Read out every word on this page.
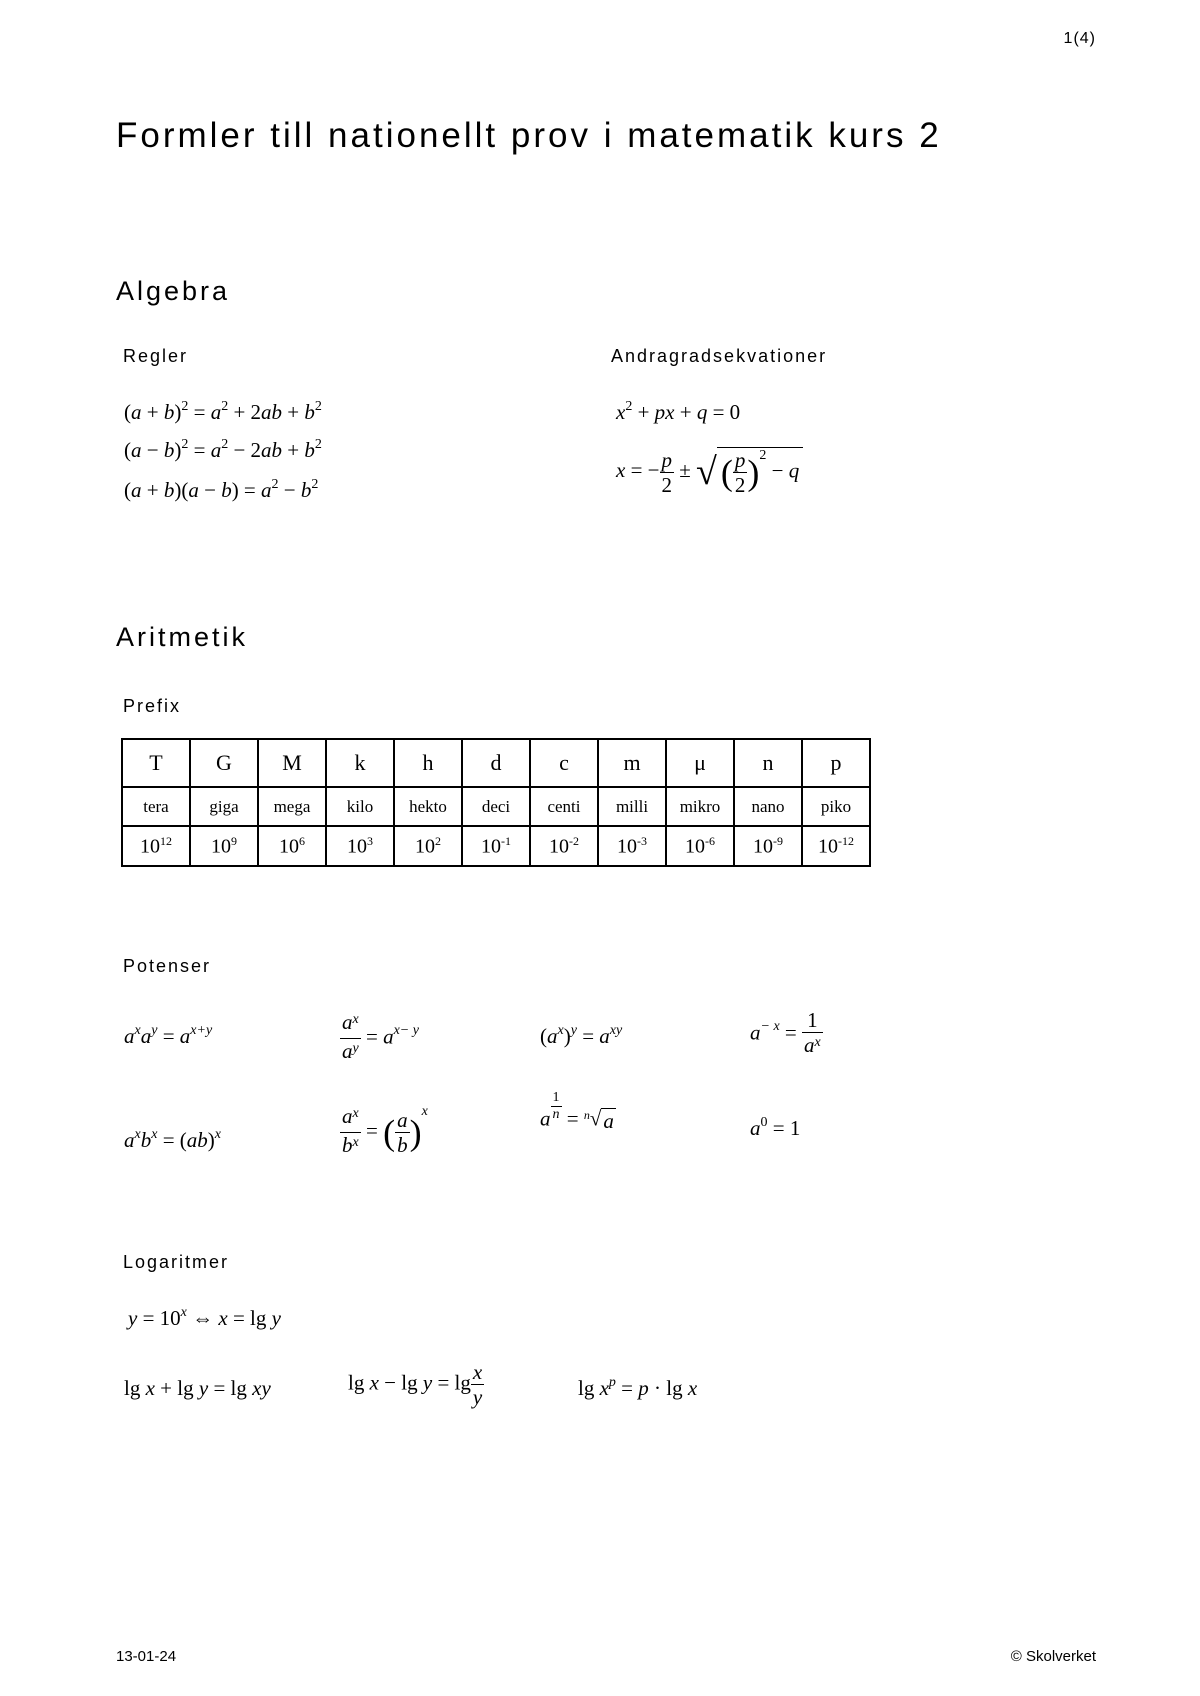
1(4)
Formler till nationellt prov i matematik kurs 2
Algebra
Regler	Andragradsekvationer
$(a + b)^2 = a^2 + 2ab + b^2$
$(a - b)^2 = a^2 - 2ab + b^2$
$(a + b)(a - b) = a^2 - b^2$
$x^2$ + px + q = 0
x = − $\frac{p}{2}$ ± √ ( $\frac{p}{2} )^2 - q$
Aritmetik
Prefix
T	G	M	k	h	d	c	m	μ	n	p
tera	giga	mega	kilo	hekto	deci	centi	milli	mikro	nano	piko
$10^{12}$	$10^9$	$10^6$	$10^3$	$10^2$	$10^{-1}$	$10^{-2}$	$10^{-3}$	$10^{-6}$	$10^{-9}$	$10^{-12}$
Potenser
$a^xa^y = a^{x+y}$	$\frac{a^x}{a^y} = a^{x- y}$	$(a^x)^y = a^{xy}$	$a^{- x} = \frac{1}{a^x}$
$a^xb^x = (ab)^x$	$\frac{a^x}{b^x}$ = ( $\frac{a}{b} )^x$	a $\frac{1}{n} = ^n√a$	$a^0 = 1$
Logaritmer
$y = 10^x$ ⇔ x = lg y
lg x + lg y = lg xy	$\lg x - \lg y = \lg \frac{x}{y}$	$\lg x^p = p \cdot \lg x$
13-01-24	© Skolverket
